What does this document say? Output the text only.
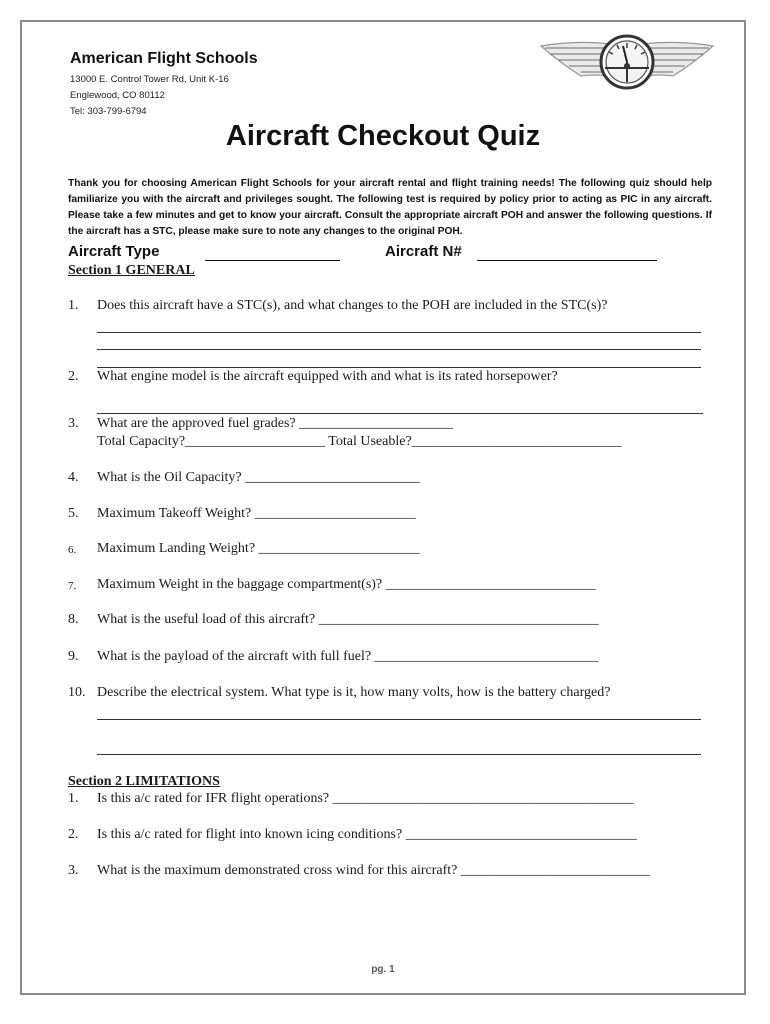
American Flight Schools
13000 E. Control Tower Rd, Unit K-16
Englewood, CO 80112
Tel: 303-799-6794
Aircraft Checkout Quiz
Thank you for choosing American Flight Schools for your aircraft rental and flight training needs! The following quiz should help familiarize you with the aircraft and privileges sought. The following test is required by policy prior to acting as PIC in any aircraft. Please take a few minutes and get to know your aircraft. Consult the appropriate aircraft POH and answer the following questions. If the aircraft has a STC, please make sure to note any changes to the original POH.
Aircraft Type	Aircraft N#
Section 1 GENERAL
1. Does this aircraft have a STC(s), and what changes to the POH are included in the STC(s)?
2. What engine model is the aircraft equipped with and what is its rated horsepower?
3. What are the approved fuel grades? ______________________
Total Capacity?____________________ Total Useable?______________________________
4. What is the Oil Capacity? _________________________
5. Maximum Takeoff Weight? _______________________
6. Maximum Landing Weight? _______________________
7. Maximum Weight in the baggage compartment(s)? ______________________________
8. What is the useful load of this aircraft? ________________________________________
9. What is the payload of the aircraft with full fuel? ________________________________
10. Describe the electrical system. What type is it, how many volts, how is the battery charged?
Section 2 LIMITATIONS
1. Is this a/c rated for IFR flight operations? ___________________________________________
2. Is this a/c rated for flight into known icing conditions? _________________________________
3. What is the maximum demonstrated cross wind for this aircraft? ___________________________
pg. 1
